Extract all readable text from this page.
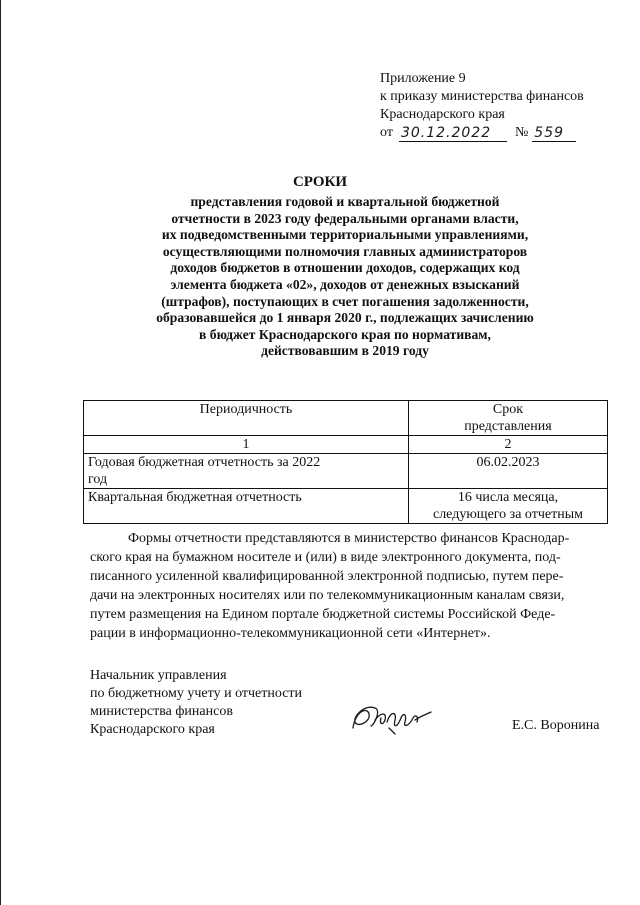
Приложение 9
к приказу министерства финансов
Краснодарского края
от 30.12.2022	№ 559
СРОКИ
представления годовой и квартальной бюджетной
отчетности в 2023 году федеральными органами власти,
их подведомственными территориальными управлениями,
осуществляющими полномочия главных администраторов
доходов бюджетов в отношении доходов, содержащих код
элемента бюджета «02», доходов от денежных взысканий
(штрафов), поступающих в счет погашения задолженности,
образовавшейся до 1 января 2020 г., подлежащих зачислению
в бюджет Краснодарского края по нормативам,
действовавшим в 2019 году
Периодичность	Срок
представления

1	2

Годовая бюджетная отчетность за 2022
год	06.02.2023

Квартальная бюджетная отчетность	16 числа месяца,
следующего за отчетным
Формы отчетности представляются в министерство финансов Краснодар-
ского края на бумажном носителе и (или) в виде электронного документа, под-
писанного усиленной квалифицированной электронной подписью, путем пере-
дачи на электронных носителях или по телекоммуникационным каналам связи,
путем размещения на Едином портале бюджетной системы Российской Феде-
рации в информационно-телекоммуникационной сети «Интернет».
Начальник управления
по бюджетному учету и отчетности
министерства финансов
Краснодарского края	Е.С. Воронина
